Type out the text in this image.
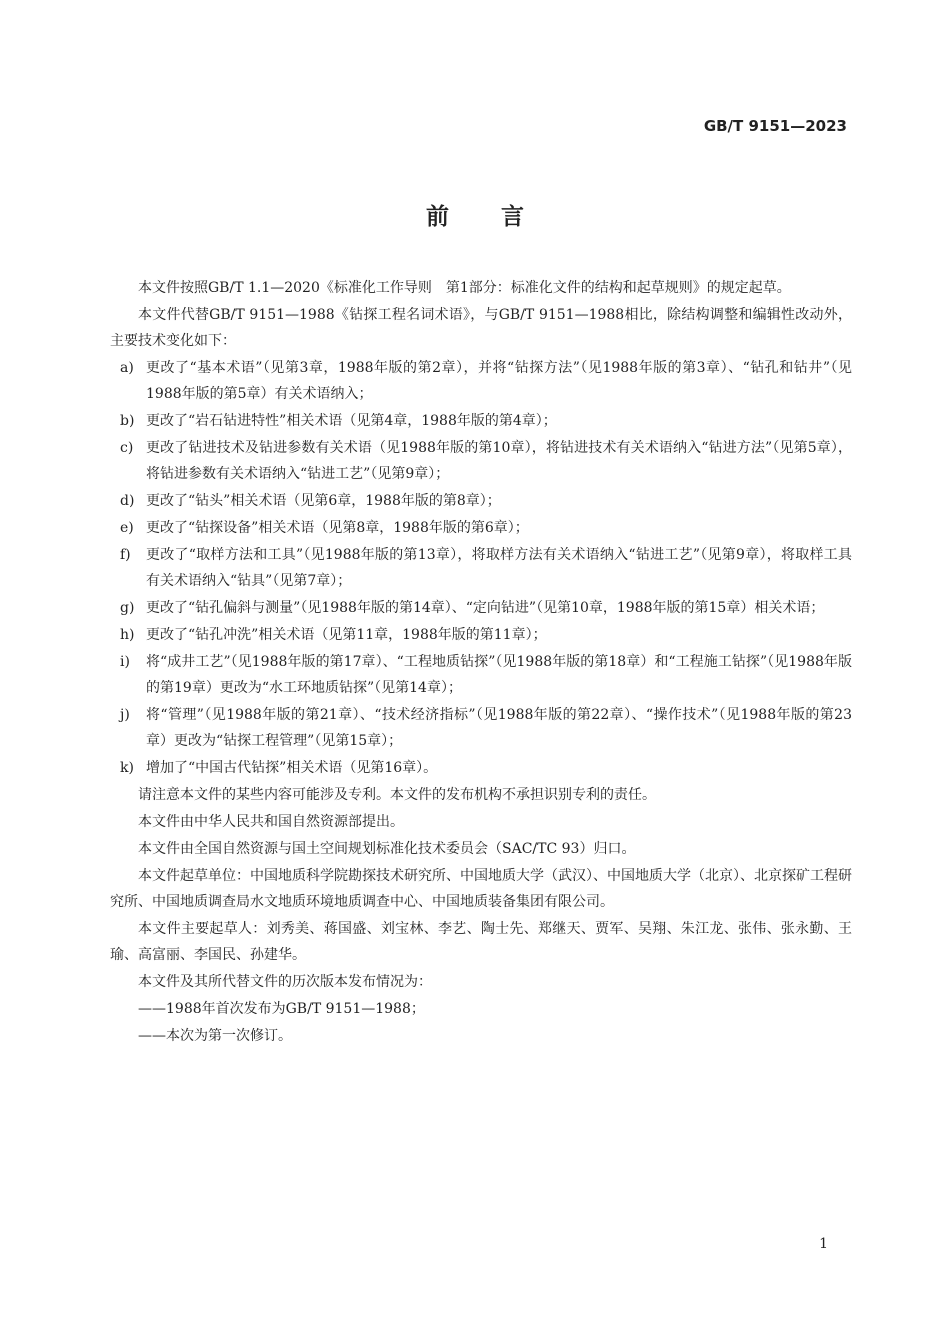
GB/T 9151—2023
前言

本文件按照GB/T 1.1—2020《标准化工作导则　第1部分：标准化文件的结构和起草规则》的规定起草。

本文件代替GB/T 9151—1988《钻探工程名词术语》，与GB/T 9151—1988相比，除结构调整和编辑性改动外，主要技术变化如下：

a) 更改了“基本术语”（见第3章，1988年版的第2章），并将“钻探方法”（见1988年版的第3章）、“钻孔和钻井”（见1988年版的第5章）有关术语纳入；
b) 更改了“岩石钻进特性”相关术语（见第4章，1988年版的第4章）；
c) 更改了钻进技术及钻进参数有关术语（见1988年版的第10章），将钻进技术有关术语纳入“钻进方法”（见第5章），将钻进参数有关术语纳入“钻进工艺”（见第9章）；
d) 更改了“钻头”相关术语（见第6章，1988年版的第8章）；
e) 更改了“钻探设备”相关术语（见第8章，1988年版的第6章）；
f)	更改了“取样方法和工具”（见1988年版的第13章），将取样方法有关术语纳入“钻进工艺”（见第9章），将取样工具有关术语纳入“钻具”（见第7章）；
g) 更改了“钻孔偏斜与测量”（见1988年版的第14章）、“定向钻进”（见第10章，1988年版的第15章）相关术语；
h) 更改了“钻孔冲洗”相关术语（见第11章，1988年版的第11章）；
i)	将“成井工艺”（见1988年版的第17章）、“工程地质钻探”（见1988年版的第18章）和“工程施工钻探”（见1988年版的第19章）更改为“水工环地质钻探”（见第14章）；
j)	将“管理”（见1988年版的第21章）、“技术经济指标”（见1988年版的第22章）、“操作技术”（见1988年版的第23章）更改为“钻探工程管理”（见第15章）；
k) 增加了“中国古代钻探”相关术语（见第16章）。

请注意本文件的某些内容可能涉及专利。本文件的发布机构不承担识别专利的责任。

本文件由中华人民共和国自然资源部提出。

本文件由全国自然资源与国土空间规划标准化技术委员会（SAC/TC 93）归口。

本文件起草单位：中国地质科学院勘探技术研究所、中国地质大学（武汉）、中国地质大学（北京）、北京探矿工程研究所、中国地质调查局水文地质环境地质调查中心、中国地质装备集团有限公司。

本文件主要起草人：刘秀美、蒋国盛、刘宝林、李艺、陶士先、郑继天、贾军、吴翔、朱江龙、张伟、张永勤、王瑜、高富丽、李国民、孙建华。

本文件及其所代替文件的历次版本发布情况为：

——1988年首次发布为GB/T 9151—1988；

——本次为第一次修订。

1
